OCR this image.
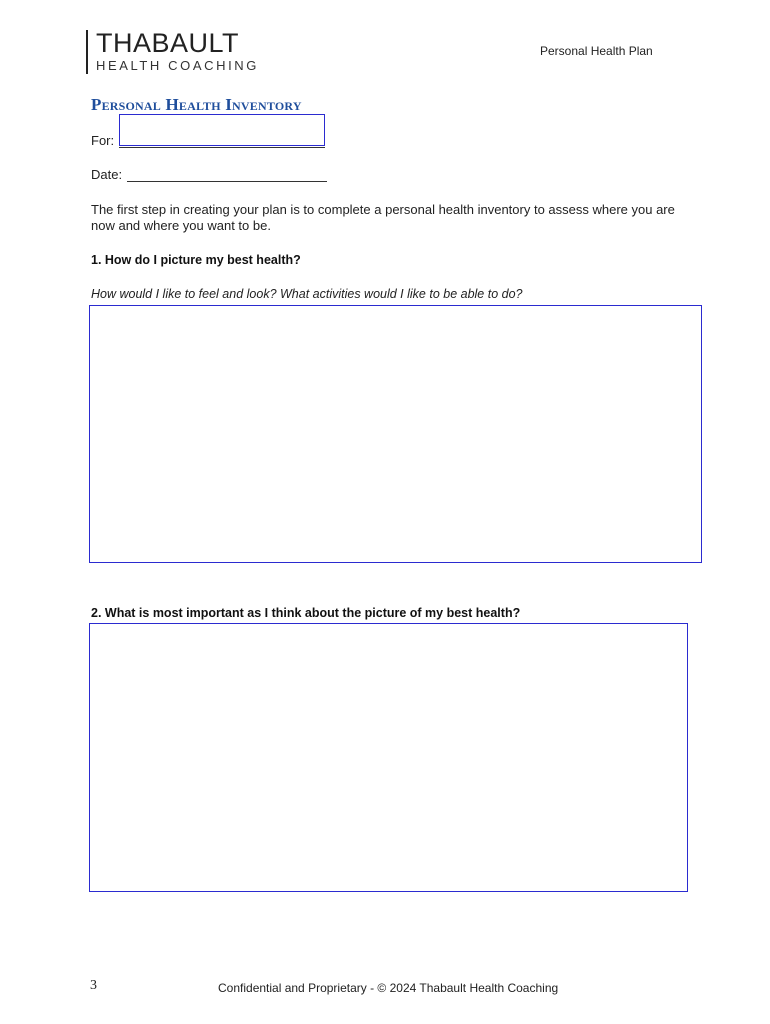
THABAULT
HEALTH COACHING
Personal Health Plan
Personal Health Inventory
For:
Date:
The first step in creating your plan is to complete a personal health inventory to assess where you are now and where you want to be.
1. How do I picture my best health?
How would I like to feel and look? What activities would I like to be able to do?
2. What is most important as I think about the picture of my best health?
3	Confidential and Proprietary - © 2024 Thabault Health Coaching
